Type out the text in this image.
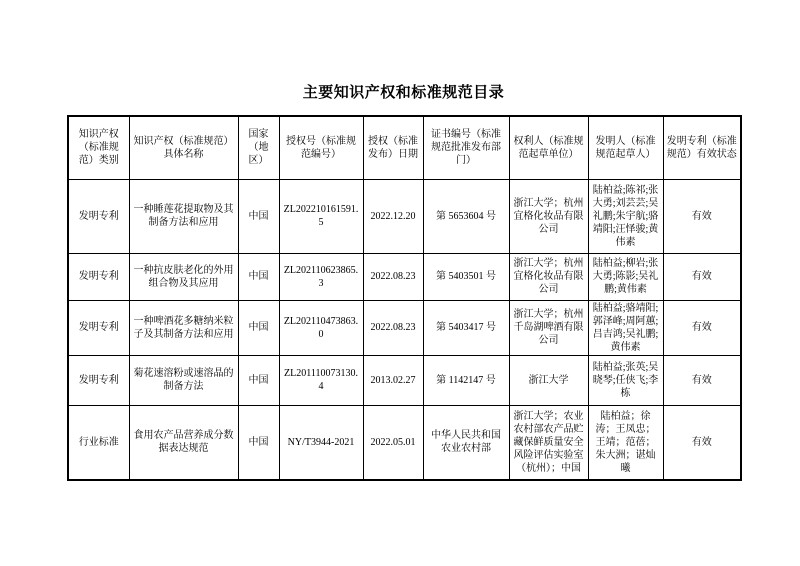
主要知识产权和标准规范目录
知识产权（标准规范）类别	知识产权（标准规范）具体名称	国家（地区）	授权号（标准规范编号）	授权（标准发布）日期	证书编号（标准规范批准发布部门）	权利人（标准规范起草单位）	发明人（标准规范起草人）	发明专利（标准规范）有效状态
发明专利	一种睡莲花提取物及其制备方法和应用	中国	ZL202210161591.5	2022.12.20	第 5653604 号	浙江大学；杭州宜格化妆品有限公司	陆柏益;陈祁;张大勇;刘芸芸;吴礼鹏;朱宇航;骆靖阳;汪怿骏;黄伟素	有效
发明专利	一种抗皮肤老化的外用组合物及其应用	中国	ZL202110623865.3	2022.08.23	第 5403501 号	浙江大学；杭州宜格化妆品有限公司	陆柏益;柳岩;张大勇;陈影;吴礼鹏;黄伟素	有效
发明专利	一种啤酒花多糖纳米粒子及其制备方法和应用	中国	ZL202110473863.0	2022.08.23	第 5403417 号	浙江大学；杭州千岛湖啤酒有限公司	陆柏益;骆靖阳;郭泽峰;周阿蕙;吕吉鸿;吴礼鹏;黄伟素	有效
发明专利	菊花速溶粉或速溶晶的制备方法	中国	ZL201110073130.4	2013.02.27	第 1142147 号	浙江大学	陆柏益;张英;吴晓琴;任侠飞;李栋	有效
行业标准	食用农产品营养成分数据表达规范	中国	NY/T3944-2021	2022.05.01	中华人民共和国农业农村部	浙江大学；农业农村部农产品贮藏保鲜质量安全风险评估实验室（杭州）；中国	陆柏益；徐涛；王凤忠；王靖；范蓓；朱大洲；谌灿曦	有效
